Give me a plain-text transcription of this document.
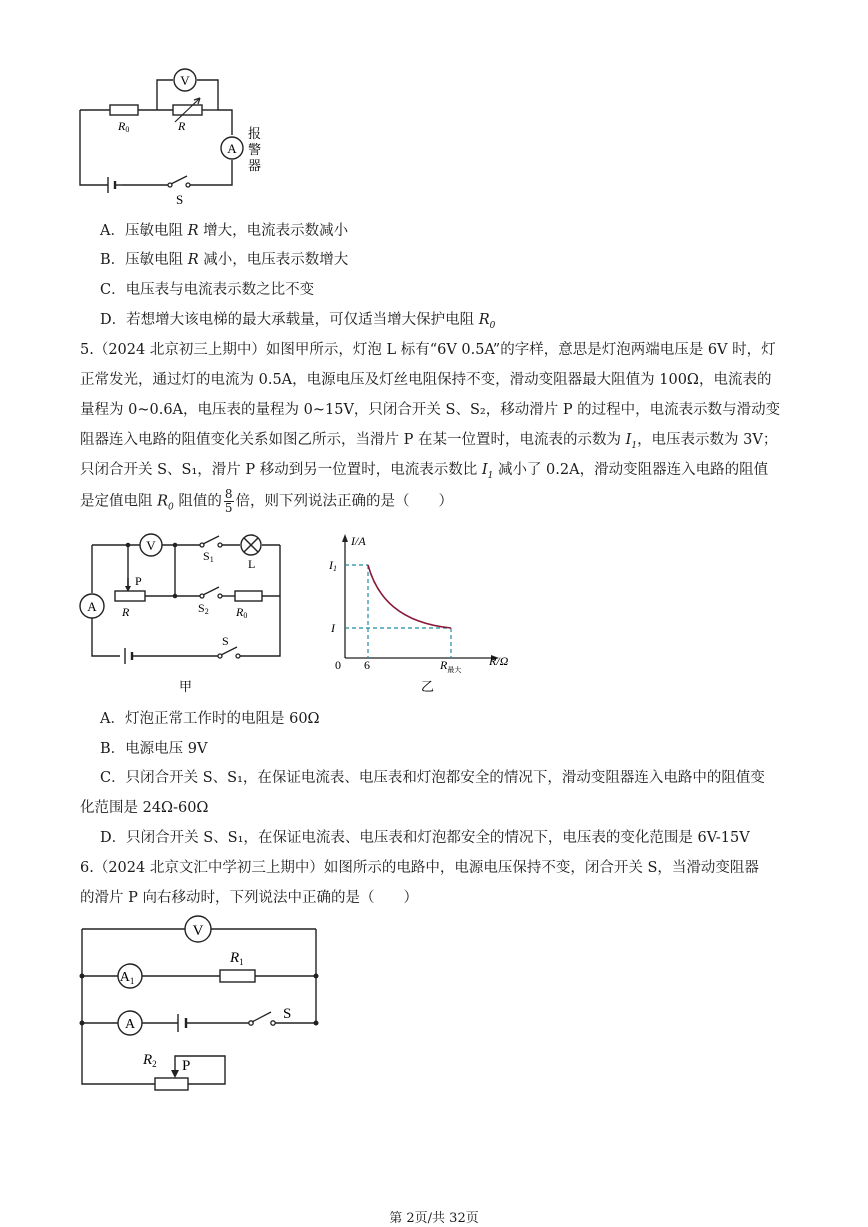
V
A
R0	R
S
报
警
器
A．压敏电阻 R 增大，电流表示数减小
B．压敏电阻 R 减小，电压表示数增大
C．电压表与电流表示数之比不变
D．若想增大该电梯的最大承载量，可仅适当增大保护电阻 $R_0$
5.（2024 北京初三上期中）如图甲所示，灯泡 L 标有“6V 0.5A”的字样，意思是灯泡两端电压是 6V 时，灯
正常发光，通过灯的电流为 0.5A，电源电压及灯丝电阻保持不变，滑动变阻器最大阻值为 100Ω，电流表的
量程为 0~0.6A，电压表的量程为 0~15V，只闭合开关 S、S₂，移动滑片 P 的过程中，电流表示数与滑动变
阻器连入电路的阻值变化关系如图乙所示，当滑片 P 在某一位置时，电流表的示数为 $I_1$，电压表示数为 3V；
只闭合开关 S、S₁，滑片 P 移动到另一位置时，电流表示数比 $I_1$ 减小了 0.2A，滑动变阻器连入电路的阻值
是定值电阻 $R_0$ 阻值的 $\frac{8}{5}$ 倍，则下列说法正确的是（　　）
V
A
S1	L
P
R	S2 R0
S
甲
I/A
R/Ω
0 6	$R_{最大}$
I1
I
乙
A．灯泡正常工作时的电阻是 60Ω
B．电源电压 9V
C．只闭合开关 S、S₁，在保证电流表、电压表和灯泡都安全的情况下，滑动变阻器连入电路中的阻值变
化范围是 24Ω-60Ω
D．只闭合开关 S、S₁，在保证电流表、电压表和灯泡都安全的情况下，电压表的变化范围是 6V-15V
6.（2024 北京文汇中学初三上期中）如图所示的电路中，电源电压保持不变，闭合开关 S，当滑动变阻器
的滑片 P 向右移动时，下列说法中正确的是（　　）
V
$A_1$
A
$R_1$
S
$R_2$ P
第 2页/共 32页
